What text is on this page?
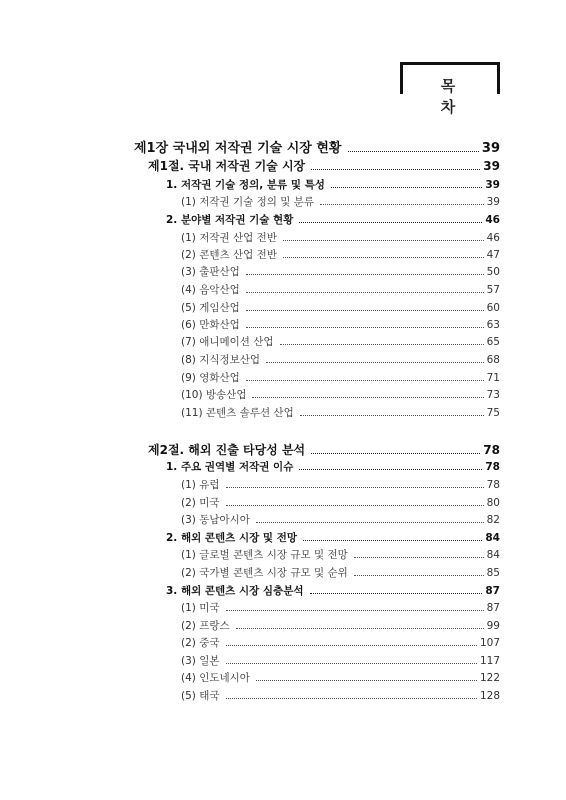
목 차
제1장 국내외 저작권 기술 시장 현황	39
제1절. 국내 저작권 기술 시장	39
1. 저작권 기술 정의, 분류 및 특성	39
(1) 저작권 기술 정의 및 분류	39
2. 분야별 저작권 기술 현황	46
(1) 저작권 산업 전반	46
(2) 콘텐츠 산업 전반	47
(3) 출판산업	50
(4) 음악산업	57
(5) 게임산업	60
(6) 만화산업	63
(7) 애니메이션 산업	65
(8) 지식정보산업	68
(9) 영화산업	71
(10) 방송산업	73
(11) 콘텐츠 솔루션 산업	75
제2절. 해외 진출 타당성 분석	78
1. 주요 권역별 저작권 이슈	78
(1) 유럽	78
(2) 미국	80
(3) 동남아시아	82
2. 해외 콘텐츠 시장 및 전망	84
(1) 글로벌 콘텐츠 시장 규모 및 전망	84
(2) 국가별 콘텐츠 시장 규모 및 순위	85
3. 해외 콘텐츠 시장 심층분석	87
(1) 미국	87
(2) 프랑스	99
(2) 중국	107
(3) 일본	117
(4) 인도네시아	122
(5) 태국	128
